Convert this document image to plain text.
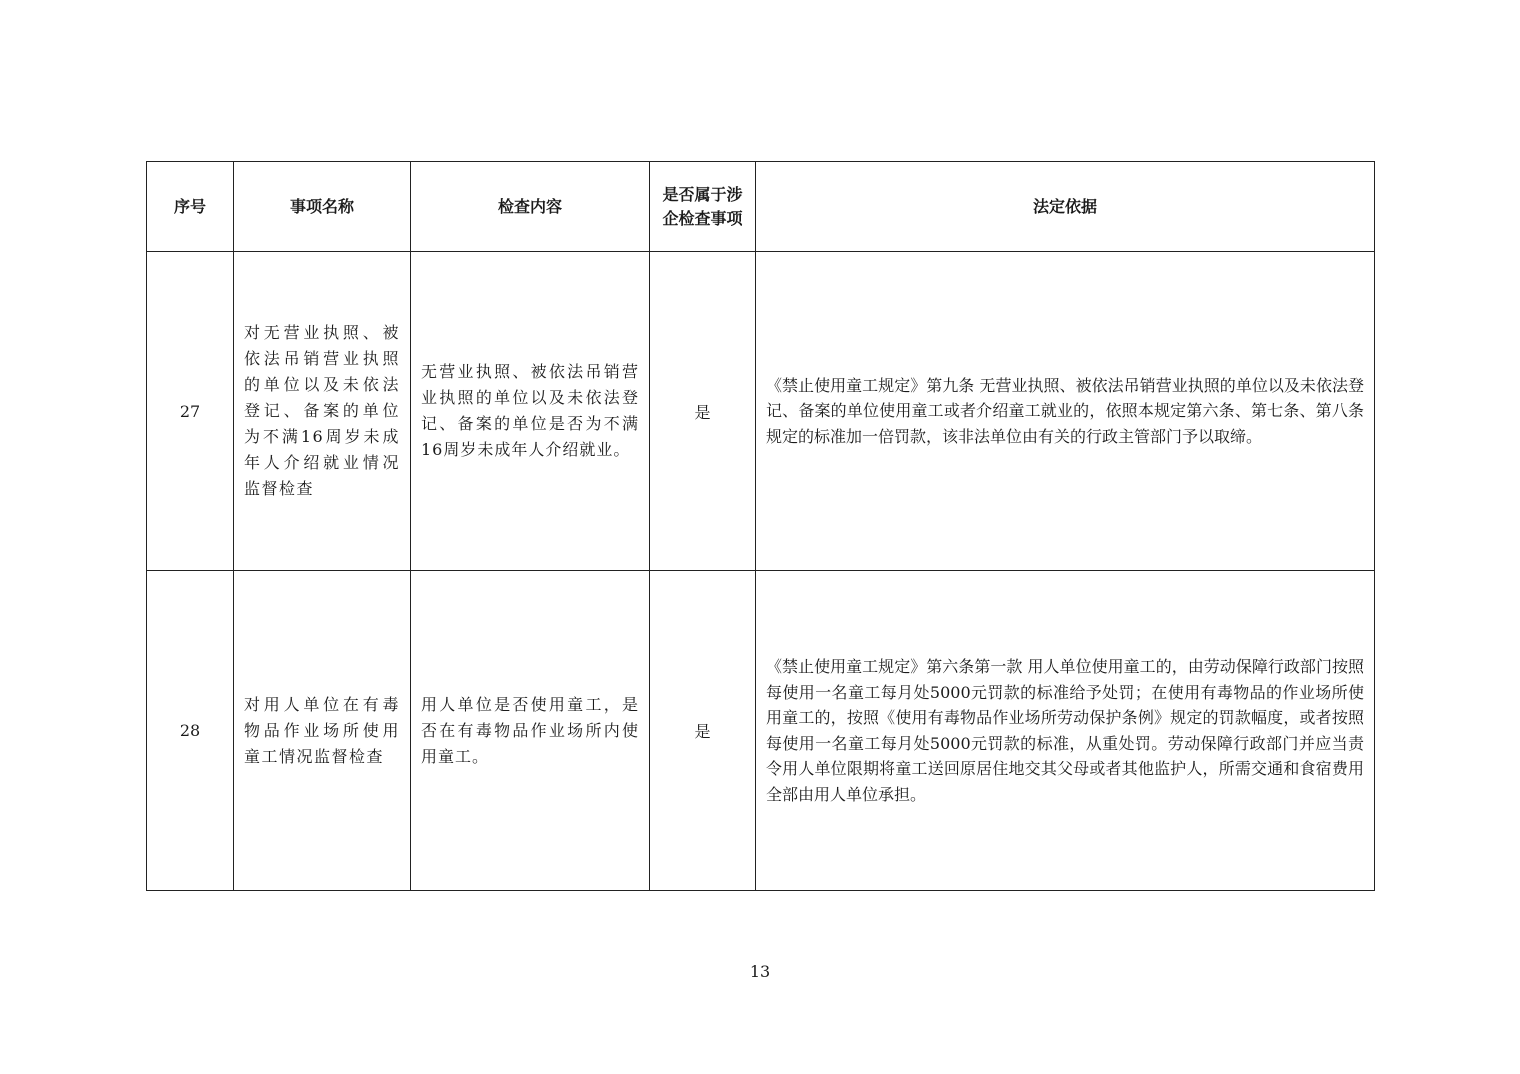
序号	事项名称	检查内容	是否属于涉企检查事项	法定依据
27	对无营业执照、被依法吊销营业执照的单位以及未依法登记、备案的单位为不满16周岁未成年人介绍就业情况监督检查	无营业执照、被依法吊销营业执照的单位以及未依法登记、备案的单位是否为不满16周岁未成年人介绍就业。	是	《禁止使用童工规定》第九条 无营业执照、被依法吊销营业执照的单位以及未依法登记、备案的单位使用童工或者介绍童工就业的，依照本规定第六条、第七条、第八条规定的标准加一倍罚款，该非法单位由有关的行政主管部门予以取缔。
28	对用人单位在有毒物品作业场所使用童工情况监督检查	用人单位是否使用童工，是否在有毒物品作业场所内使用童工。	是	《禁止使用童工规定》第六条第一款 用人单位使用童工的，由劳动保障行政部门按照每使用一名童工每月处5000元罚款的标准给予处罚；在使用有毒物品的作业场所使用童工的，按照《使用有毒物品作业场所劳动保护条例》规定的罚款幅度，或者按照每使用一名童工每月处5000元罚款的标准，从重处罚。劳动保障行政部门并应当责令用人单位限期将童工送回原居住地交其父母或者其他监护人，所需交通和食宿费用全部由用人单位承担。
13
